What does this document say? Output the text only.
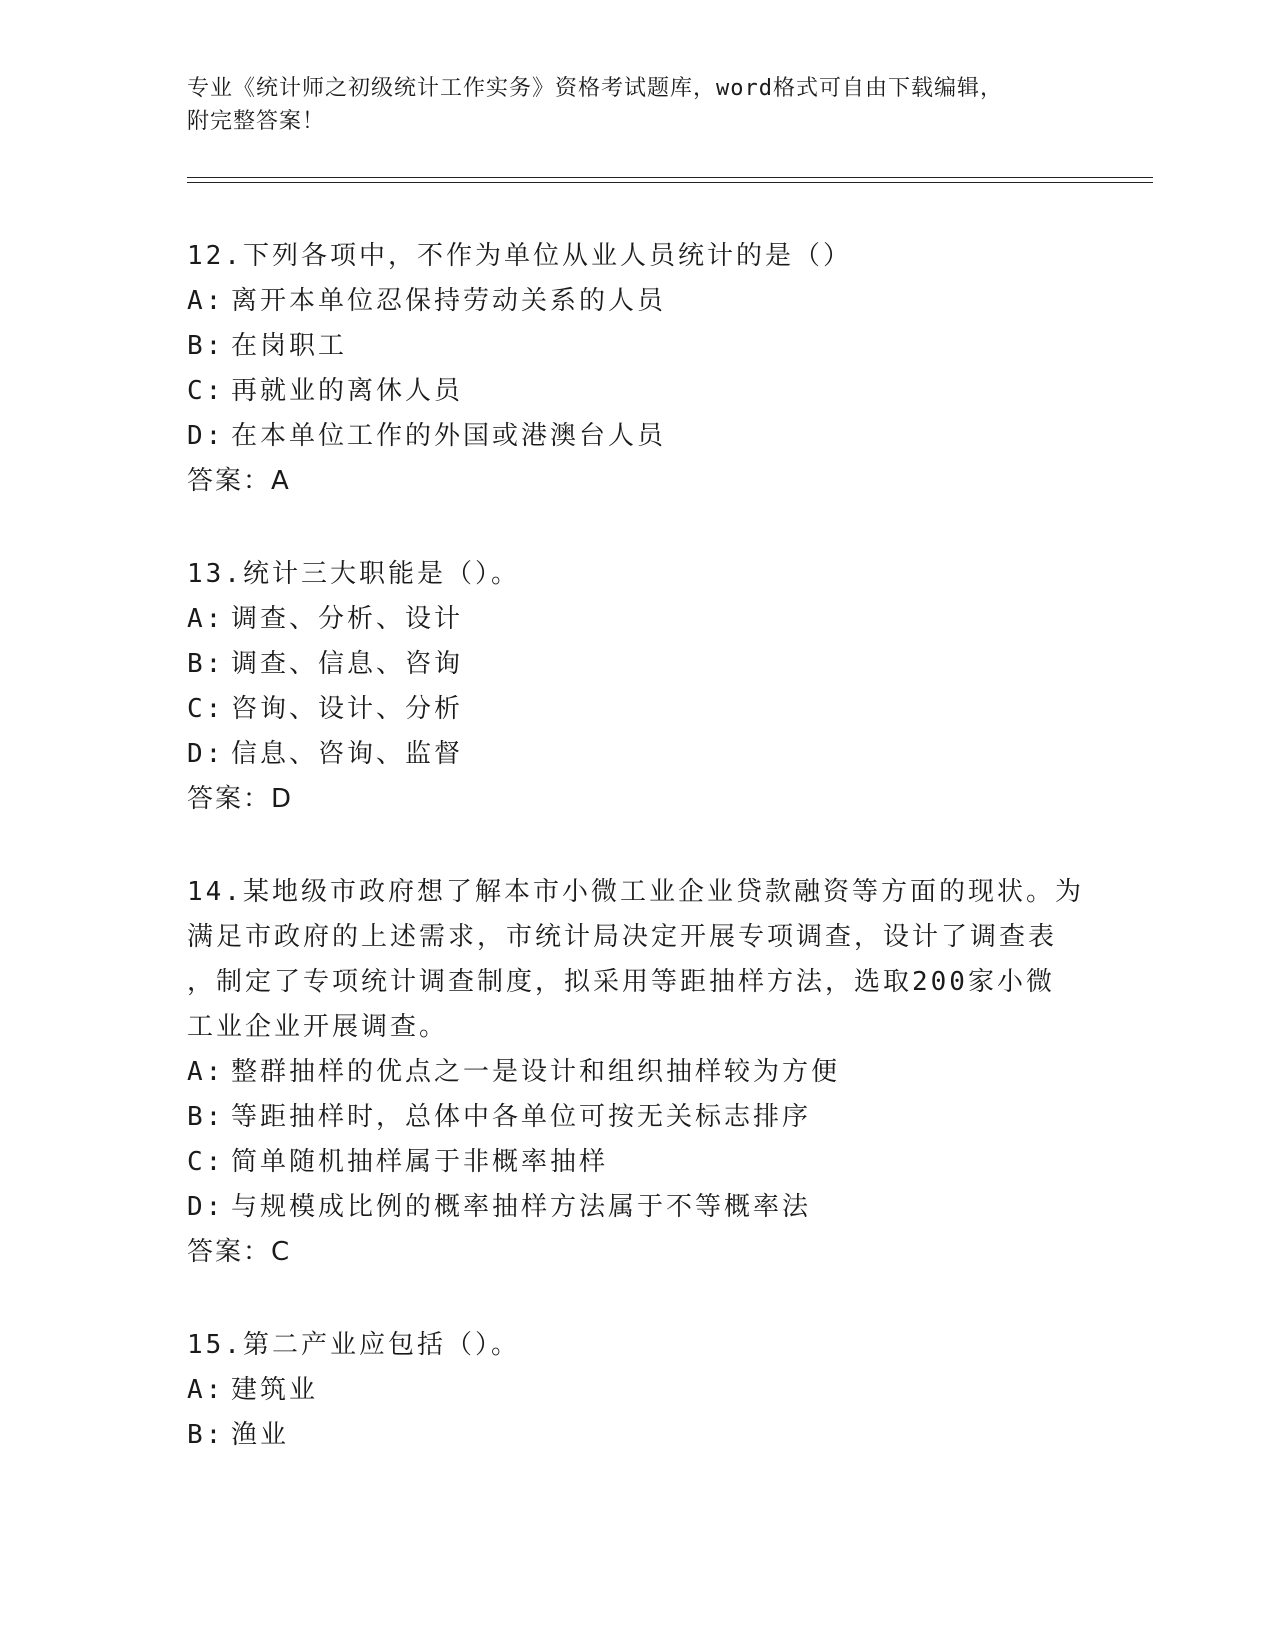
专业《统计师之初级统计工作实务》资格考试题库，word格式可自由下载编辑，
附完整答案！
12.下列各项中，不作为单位从业人员统计的是（）
A: 离开本单位忍保持劳动关系的人员
B: 在岗职工
C: 再就业的离休人员
D: 在本单位工作的外国或港澳台人员
答案：A
13.统计三大职能是（）。
A: 调查、分析、设计
B: 调查、信息、咨询
C: 咨询、设计、分析
D: 信息、咨询、监督
答案：D
14.某地级市政府想了解本市小微工业企业贷款融资等方面的现状。为
满足市政府的上述需求，市统计局决定开展专项调查，设计了调查表
，制定了专项统计调查制度，拟采用等距抽样方法，选取200家小微
工业企业开展调查。
A: 整群抽样的优点之一是设计和组织抽样较为方便
B: 等距抽样时，总体中各单位可按无关标志排序
C: 简单随机抽样属于非概率抽样
D: 与规模成比例的概率抽样方法属于不等概率法
答案：C
15.第二产业应包括（）。
A: 建筑业
B: 渔业
